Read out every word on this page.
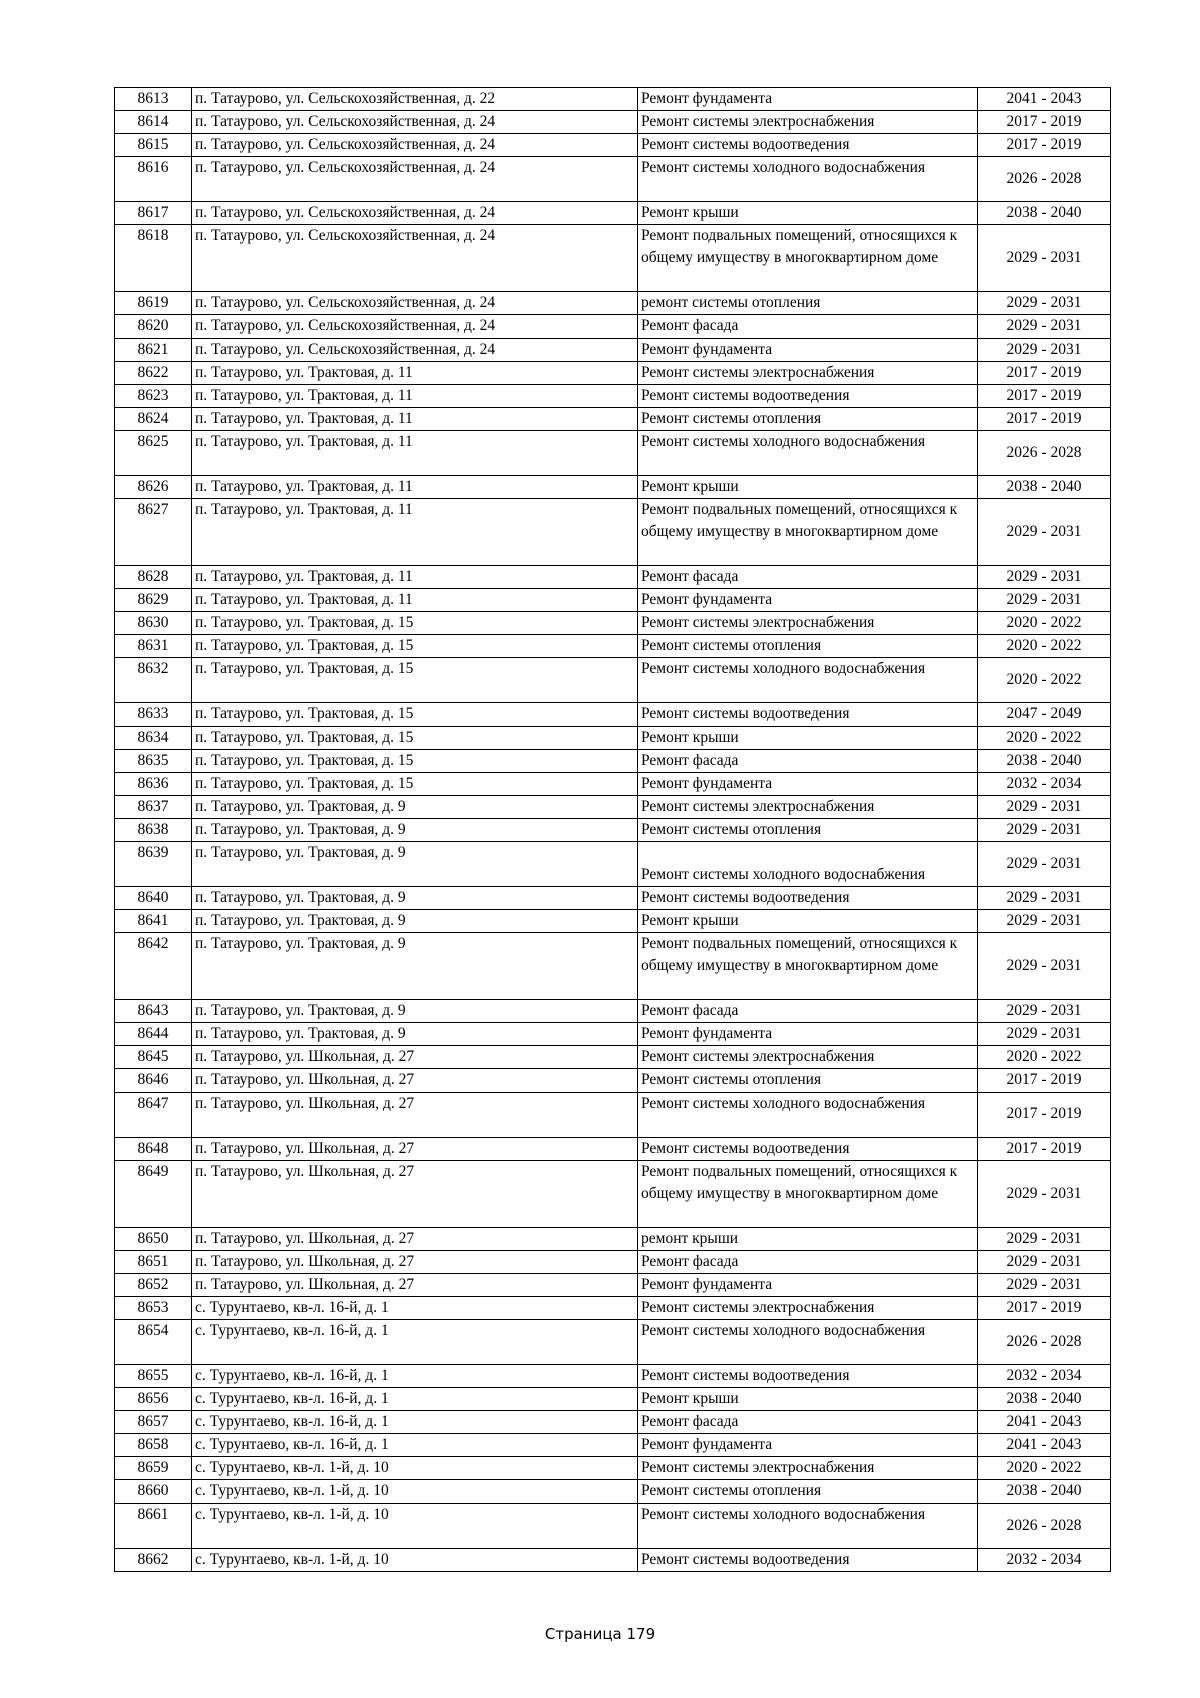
8613	п. Татаурово, ул. Сельскохозяйственная, д. 22	Ремонт фундамента	2041 - 2043
8614	п. Татаурово, ул. Сельскохозяйственная, д. 24	Ремонт системы электроснабжения	2017 - 2019
8615	п. Татаурово, ул. Сельскохозяйственная, д. 24	Ремонт системы водоотведения	2017 - 2019
8616	п. Татаурово, ул. Сельскохозяйственная, д. 24	Ремонт системы холодного водоснабжения	2026 - 2028
8617	п. Татаурово, ул. Сельскохозяйственная, д. 24	Ремонт крыши	2038 - 2040
8618	п. Татаурово, ул. Сельскохозяйственная, д. 24	Ремонт подвальных помещений, относящихся к общему имуществу в многоквартирном доме	2029 - 2031
8619	п. Татаурово, ул. Сельскохозяйственная, д. 24	ремонт системы отопления	2029 - 2031
8620	п. Татаурово, ул. Сельскохозяйственная, д. 24	Ремонт фасада	2029 - 2031
8621	п. Татаурово, ул. Сельскохозяйственная, д. 24	Ремонт фундамента	2029 - 2031
8622	п. Татаурово, ул. Трактовая, д. 11	Ремонт системы электроснабжения	2017 - 2019
8623	п. Татаурово, ул. Трактовая, д. 11	Ремонт системы водоотведения	2017 - 2019
8624	п. Татаурово, ул. Трактовая, д. 11	Ремонт системы отопления	2017 - 2019
8625	п. Татаурово, ул. Трактовая, д. 11	Ремонт системы холодного водоснабжения	2026 - 2028
8626	п. Татаурово, ул. Трактовая, д. 11	Ремонт крыши	2038 - 2040
8627	п. Татаурово, ул. Трактовая, д. 11	Ремонт подвальных помещений, относящихся к общему имуществу в многоквартирном доме	2029 - 2031
8628	п. Татаурово, ул. Трактовая, д. 11	Ремонт фасада	2029 - 2031
8629	п. Татаурово, ул. Трактовая, д. 11	Ремонт фундамента	2029 - 2031
8630	п. Татаурово, ул. Трактовая, д. 15	Ремонт системы электроснабжения	2020 - 2022
8631	п. Татаурово, ул. Трактовая, д. 15	Ремонт системы отопления	2020 - 2022
8632	п. Татаурово, ул. Трактовая, д. 15	Ремонт системы холодного водоснабжения	2020 - 2022
8633	п. Татаурово, ул. Трактовая, д. 15	Ремонт системы водоотведения	2047 - 2049
8634	п. Татаурово, ул. Трактовая, д. 15	Ремонт крыши	2020 - 2022
8635	п. Татаурово, ул. Трактовая, д. 15	Ремонт фасада	2038 - 2040
8636	п. Татаурово, ул. Трактовая, д. 15	Ремонт фундамента	2032 - 2034
8637	п. Татаурово, ул. Трактовая, д. 9	Ремонт системы электроснабжения	2029 - 2031
8638	п. Татаурово, ул. Трактовая, д. 9	Ремонт системы отопления	2029 - 2031
8639	п. Татаурово, ул. Трактовая, д. 9	Ремонт системы холодного водоснабжения	2029 - 2031
8640	п. Татаурово, ул. Трактовая, д. 9	Ремонт системы водоотведения	2029 - 2031
8641	п. Татаурово, ул. Трактовая, д. 9	Ремонт крыши	2029 - 2031
8642	п. Татаурово, ул. Трактовая, д. 9	Ремонт подвальных помещений, относящихся к общему имуществу в многоквартирном доме	2029 - 2031
8643	п. Татаурово, ул. Трактовая, д. 9	Ремонт фасада	2029 - 2031
8644	п. Татаурово, ул. Трактовая, д. 9	Ремонт фундамента	2029 - 2031
8645	п. Татаурово, ул. Школьная, д. 27	Ремонт системы электроснабжения	2020 - 2022
8646	п. Татаурово, ул. Школьная, д. 27	Ремонт системы отопления	2017 - 2019
8647	п. Татаурово, ул. Школьная, д. 27	Ремонт системы холодного водоснабжения	2017 - 2019
8648	п. Татаурово, ул. Школьная, д. 27	Ремонт системы водоотведения	2017 - 2019
8649	п. Татаурово, ул. Школьная, д. 27	Ремонт подвальных помещений, относящихся к общему имуществу в многоквартирном доме	2029 - 2031
8650	п. Татаурово, ул. Школьная, д. 27	ремонт крыши	2029 - 2031
8651	п. Татаурово, ул. Школьная, д. 27	Ремонт фасада	2029 - 2031
8652	п. Татаурово, ул. Школьная, д. 27	Ремонт фундамента	2029 - 2031
8653	с. Турунтаево, кв-л. 16-й, д. 1	Ремонт системы электроснабжения	2017 - 2019
8654	с. Турунтаево, кв-л. 16-й, д. 1	Ремонт системы холодного водоснабжения	2026 - 2028
8655	с. Турунтаево, кв-л. 16-й, д. 1	Ремонт системы водоотведения	2032 - 2034
8656	с. Турунтаево, кв-л. 16-й, д. 1	Ремонт крыши	2038 - 2040
8657	с. Турунтаево, кв-л. 16-й, д. 1	Ремонт фасада	2041 - 2043
8658	с. Турунтаево, кв-л. 16-й, д. 1	Ремонт фундамента	2041 - 2043
8659	с. Турунтаево, кв-л. 1-й, д. 10	Ремонт системы электроснабжения	2020 - 2022
8660	с. Турунтаево, кв-л. 1-й, д. 10	Ремонт системы отопления	2038 - 2040
8661	с. Турунтаево, кв-л. 1-й, д. 10	Ремонт системы холодного водоснабжения	2026 - 2028
8662	с. Турунтаево, кв-л. 1-й, д. 10	Ремонт системы водоотведения	2032 - 2034
Страница 179
